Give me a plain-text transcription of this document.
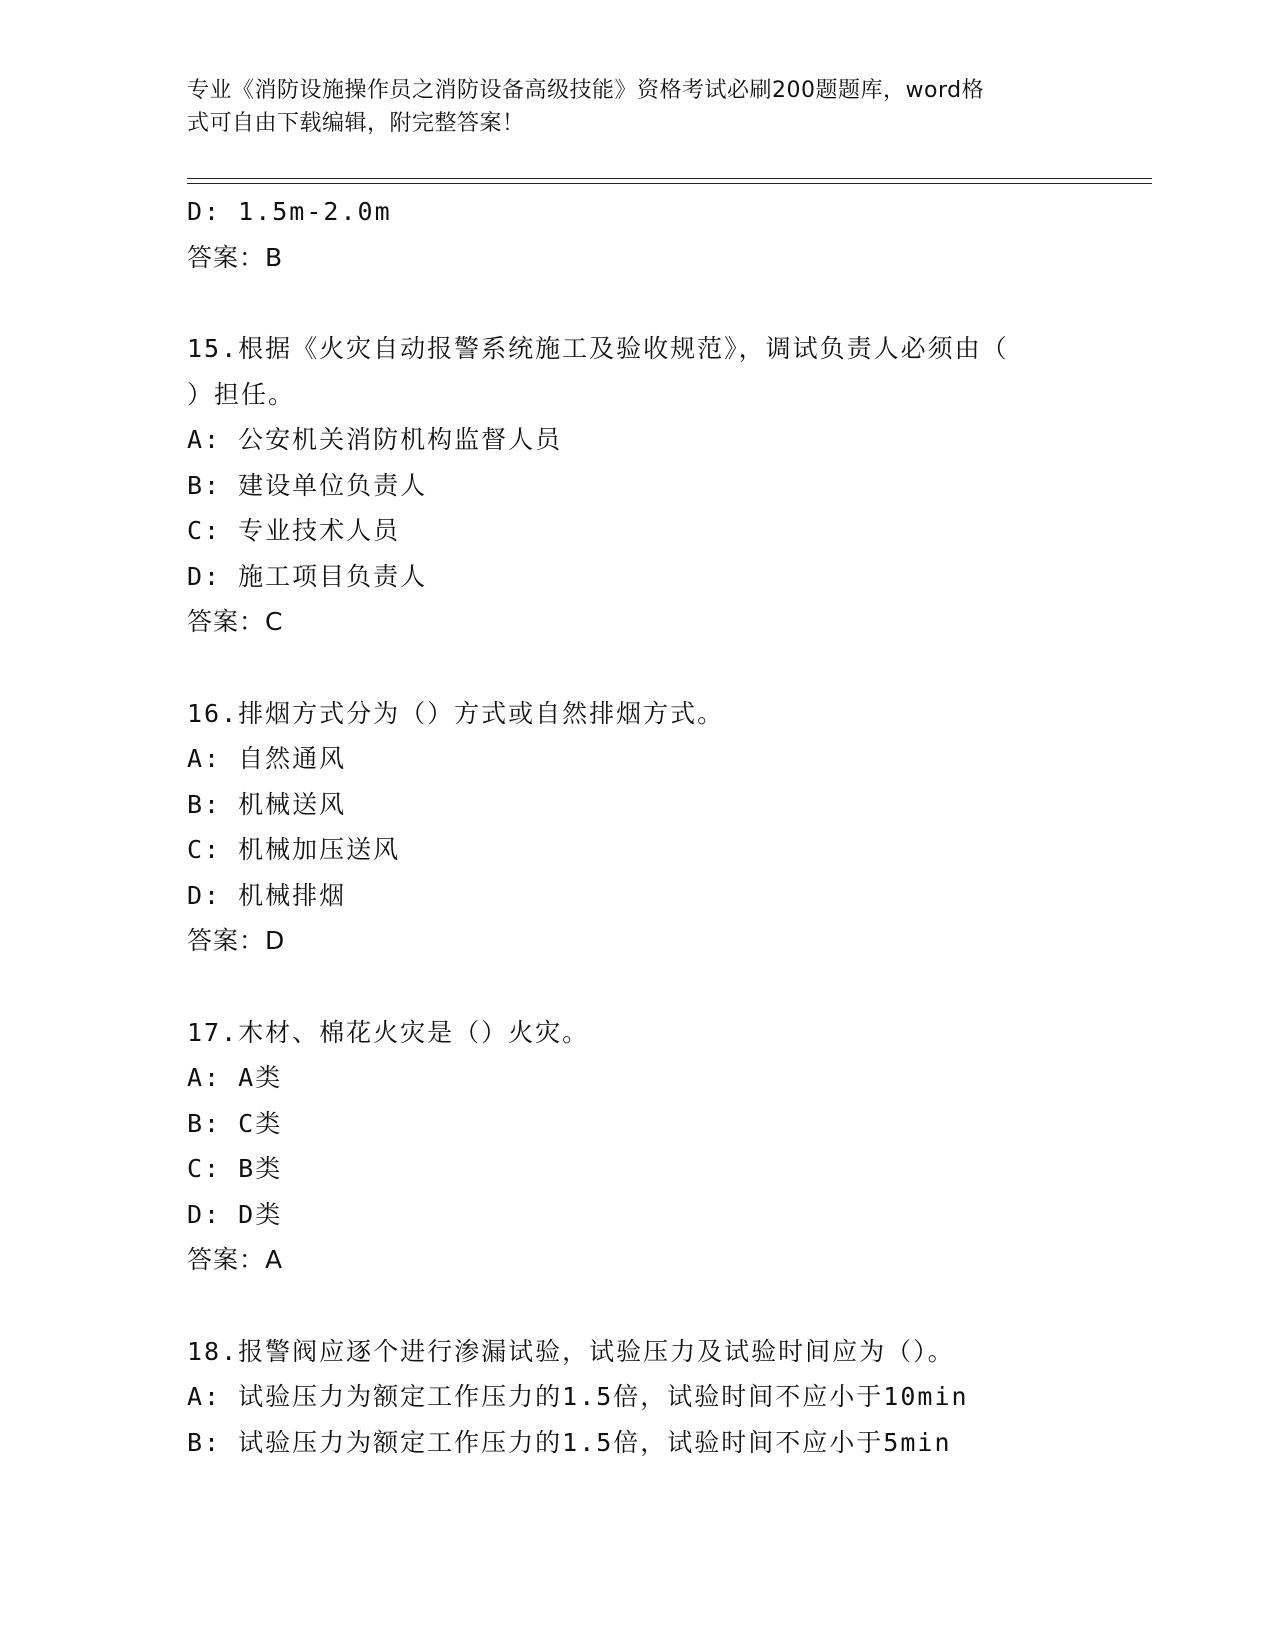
专业《消防设施操作员之消防设备高级技能》资格考试必刷200题题库，word格
式可自由下载编辑，附完整答案！
D: 1.5m-2.0m
答案：B
15.根据《火灾自动报警系统施工及验收规范》，调试负责人必须由（
）担任。
A: 公安机关消防机构监督人员
B: 建设单位负责人
C: 专业技术人员
D: 施工项目负责人
答案：C
16.排烟方式分为（）方式或自然排烟方式。
A: 自然通风
B: 机械送风
C: 机械加压送风
D: 机械排烟
答案：D
17.木材、棉花火灾是（）火灾。
A: A类
B: C类
C: B类
D: D类
答案：A
18.报警阀应逐个进行渗漏试验，试验压力及试验时间应为（）。
A: 试验压力为额定工作压力的1.5倍，试验时间不应小于10min
B: 试验压力为额定工作压力的1.5倍，试验时间不应小于5min
